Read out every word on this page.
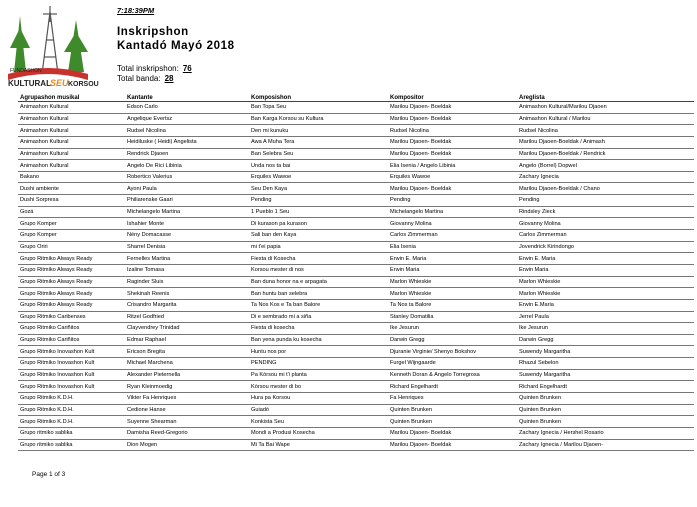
FUNDASHON
KULTURAL SEU KORSOU
7:18:39PM
Inskripshon
Kantadó Mayó 2018
Total inskripshon: 76
Total banda: 28
Agrupashon musikal	Kantante	Komposishon	Kompositor	Areglista
Animashon Kultural	Edson Carlo	Ban Topa Seu	Marilou Djaoen- Boeldak	Animashon Kultural/Marilou Djaoen
Animashon Kultural	Angelique Evertsz	Ban Karga Korsou su Kultura	Marilou Djaoen- Boeldak	Animashon Kultural / Marilou
Animashon Kultural	Rudsel Nicolina	Den mi kunuku	Rudsel Nicolina	Rudsel Nicolina
Animashon Kultural	Heidiluske ( Heidi) Angelista	Awa A Muha Tera	Marilou Djaoen- Boeldak	Marilou Djaoen-Boeldak / Animash
Animashon Kultural	Rendrick Djaoen	Ban Selebra Seu	Marilou Djaoen- Boeldak	Marilou Djaoen-Boeldak / Rendrick
Animashon Kultural	Angelo De Rici Libinia	Unda nos ta bai	Elia Isenia / Angelo Libinia	Angelo (Borrel) Dopwel
Bakano	Robertico Valerius	Erquiles Wawoe	Erquiles Wawoe	Zachary Ignecia
Dushi ambiente	Ayoni Paula	Seu Den Kaya	Marilou Djaoen- Boeldak	Marilou Djaoen-Boeldak / Chano
Dushi Sorpresa	Philiarenske Gaari	Pending	Pending	Pending
Gozá	Michelangelo Martina	1 Pueblo 1 Seu	Michelangelo Martina	Rindsley Zieck
Grupo Komper	Ishahier Monte	Di kurason pa kurason	Giovanny Molina	Giovanny Molina
Grupo Komper	Nény Domacasse	Sali ban den Kaya	Carlos Zimmerman	Carlos Zimmerman
Grupo Oriri	Sharrel Denisia	mi t'ei papia	Elia Isenia	Jovendrick Kirindongo
Grupo Ritmiko Always Ready	Fernelles Martina	Fiesta di Kosecha	Erwin E. Maria	Erwin E. Maria
Grupo Ritmiko Always Ready	Izaline Tomasa	Korsou mester di nos	Erwin Maria	Erwin Maria
Grupo Ritmiko Always Ready	Raginder Sluis	Ban duna honor na e arpagata	Marlon Whieskie	Marlon Whieskie
Grupo Ritmiko Always Ready	Shekinah Reenis	Ban huntu ban selebra	Marlon Whieskie	Marlon Whieskie
Grupo Ritmiko Always Ready	Crisandro Margarita	Ta Nos Kos e Ta ban Balore	Ta Nos ta Balore	Erwin E.Maria
Grupo Ritmiko Caribenses	Ritzel Godfried	Di e sembrado mi a siña	Stanley Domatilia	Jerrel Paula
Grupo Ritmiko Cariñitos	Clayvendrey Trinidad	Fiesta di kosecha	Ike Jesurun	Ike Jesurun
Grupo Ritmiko Cariñitos	Edmar Raphael	Ban yena punda ku kosecha	Darwin Gregg	Darwin Gregg
Grupo Ritmiko Inovashon Kult	Ericson Bregita	Huntu nos por	Djuranie Virginie/ Shenyo Bokshov	Suwendy Margaritha
Grupo Ritmiko Inovashon Kult	Michael Marchena	PENDING	Furgel Wijngaarde	Rhazul Sebelon
Grupo Ritmiko Inovashon Kult	Alexander Pieternella	Pa Kòrsou mi t'i planta	Kenneth Doran & Angelo Torregrosa	Suwendy Margaritha
Grupo Ritmiko Inovashon Kult	Ryan Kleinmoedig	Kòrsou mester di bo	Richard Engelhardt	Richard Engelhardt
Grupo Ritmiko K.D.H.	Vikter Fa Henriques	Hura pa Korsou	Fa Henriques	Quinten Brunken
Grupo Ritmiko K.D.H.	Cedione Hanse	Guiadó	Quinten Brunken	Quinten Brunken
Grupo Ritmiko K.D.H.	Suyenne Shearman	Konkista Seu	Quinten Brunken	Quinten Brunken
Grupo ritmiko sablika	Damisha Reed-Gregorio	Mondi a Produsi Kosecha	Marilou Djaoen- Boeldak	Zachary Ignecia / Hershel Rosario
Grupo ritmiko sablika	Dion Mogen	Mi Ta Bai Wape	Marilou Djaoen- Boeldak	Zachary Ignecia / Marilou Djaoen-
Page 1 of 3
